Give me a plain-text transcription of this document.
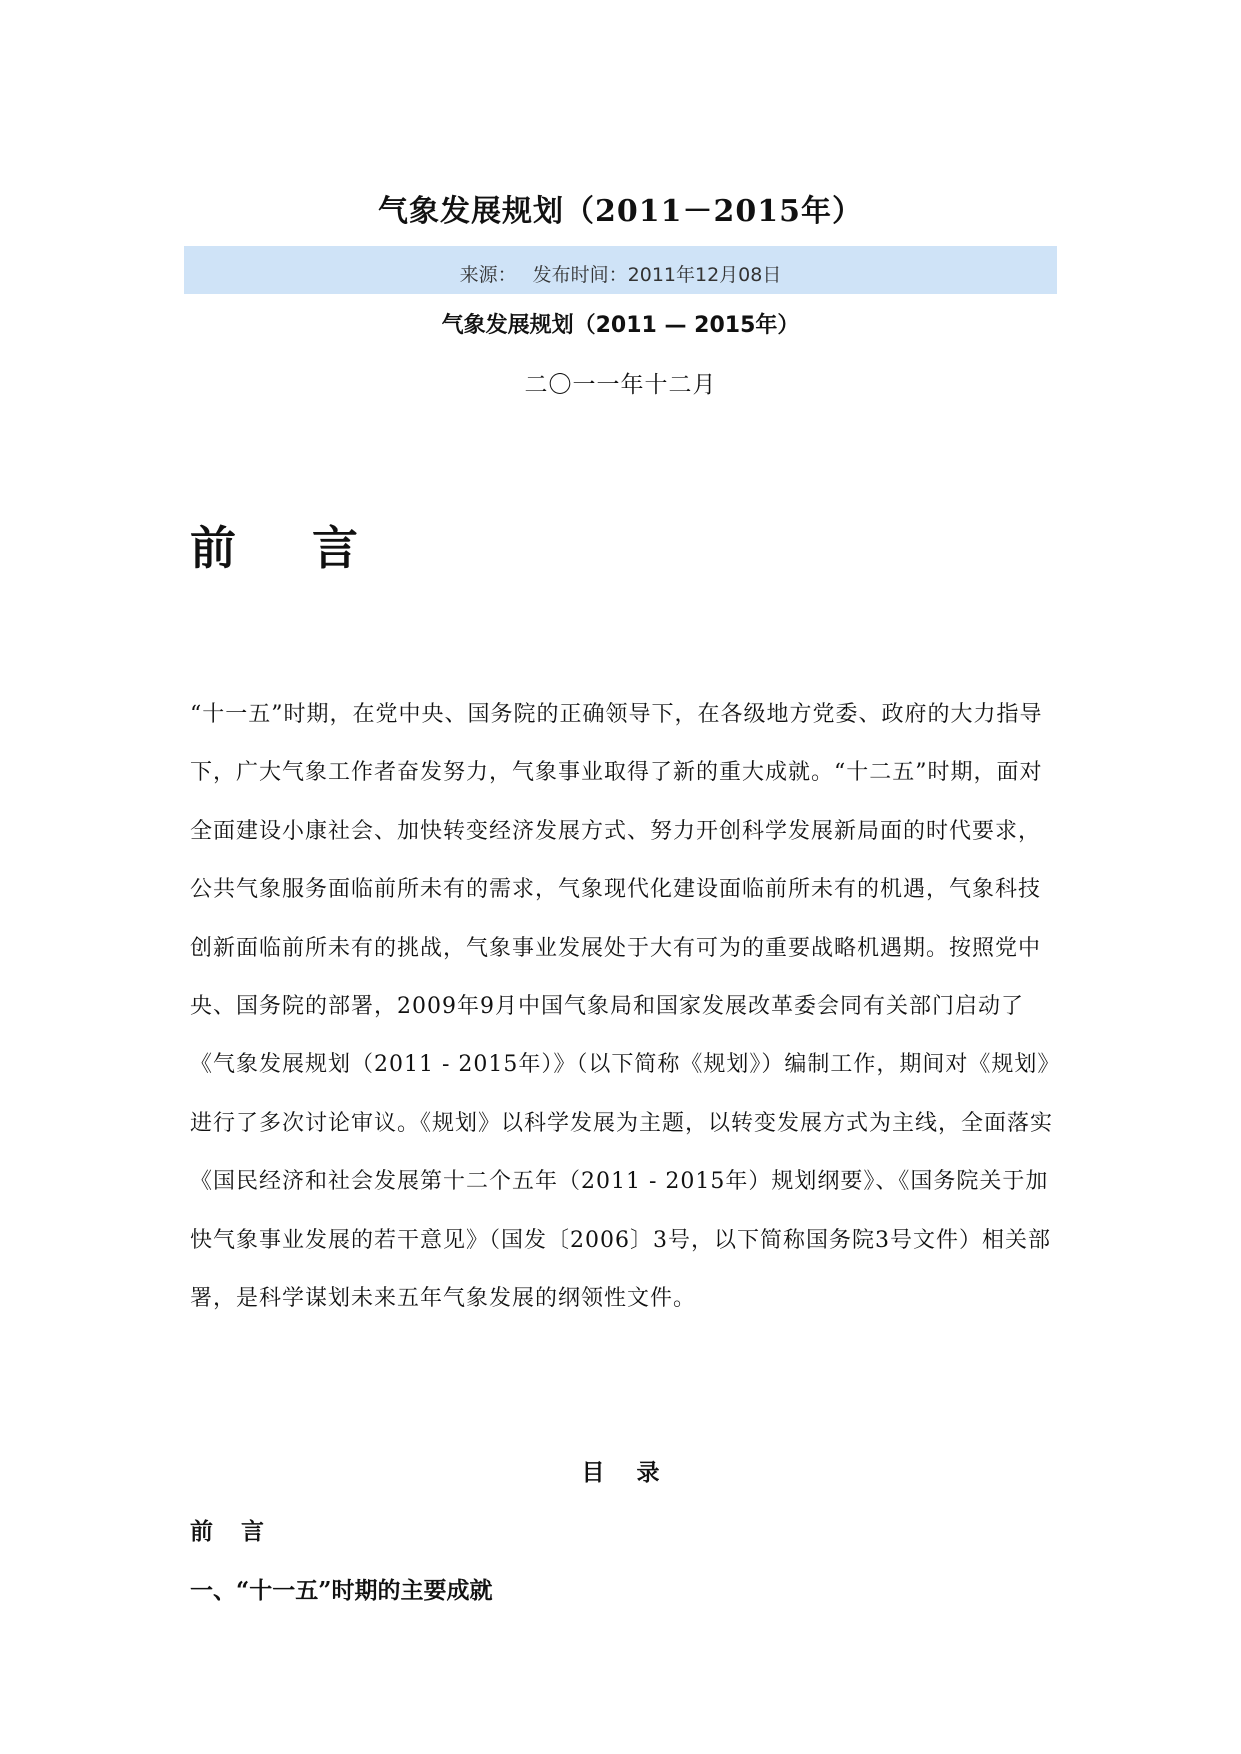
气象发展规划（2011－2015年）
来源： 发布时间：2011年12月08日
气象发展规划（2011 — 2015年）
二〇一一年十二月
前 言

“十一五”时期，在党中央、国务院的正确领导下，在各级地方党委、政府的大力指导下，广大气象工作者奋发努力，气象事业取得了新的重大成就。“十二五”时期，面对全面建设小康社会、加快转变经济发展方式、努力开创科学发展新局面的时代要求，公共气象服务面临前所未有的需求，气象现代化建设面临前所未有的机遇，气象科技创新面临前所未有的挑战，气象事业发展处于大有可为的重要战略机遇期。按照党中央、国务院的部署，2009年9月中国气象局和国家发展改革委会同有关部门启动了《气象发展规划（2011 - 2015年）》（以下简称《规划》）编制工作，期间对《规划》进行了多次讨论审议。《规划》以科学发展为主题，以转变发展方式为主线，全面落实《国民经济和社会发展第十二个五年（2011 - 2015年）规划纲要》、《国务院关于加快气象事业发展的若干意见》（国发〔2006〕3号，以下简称国务院3号文件）相关部署，是科学谋划未来五年气象发展的纲领性文件。

目 录
前 言
一、“十一五”时期的主要成就
